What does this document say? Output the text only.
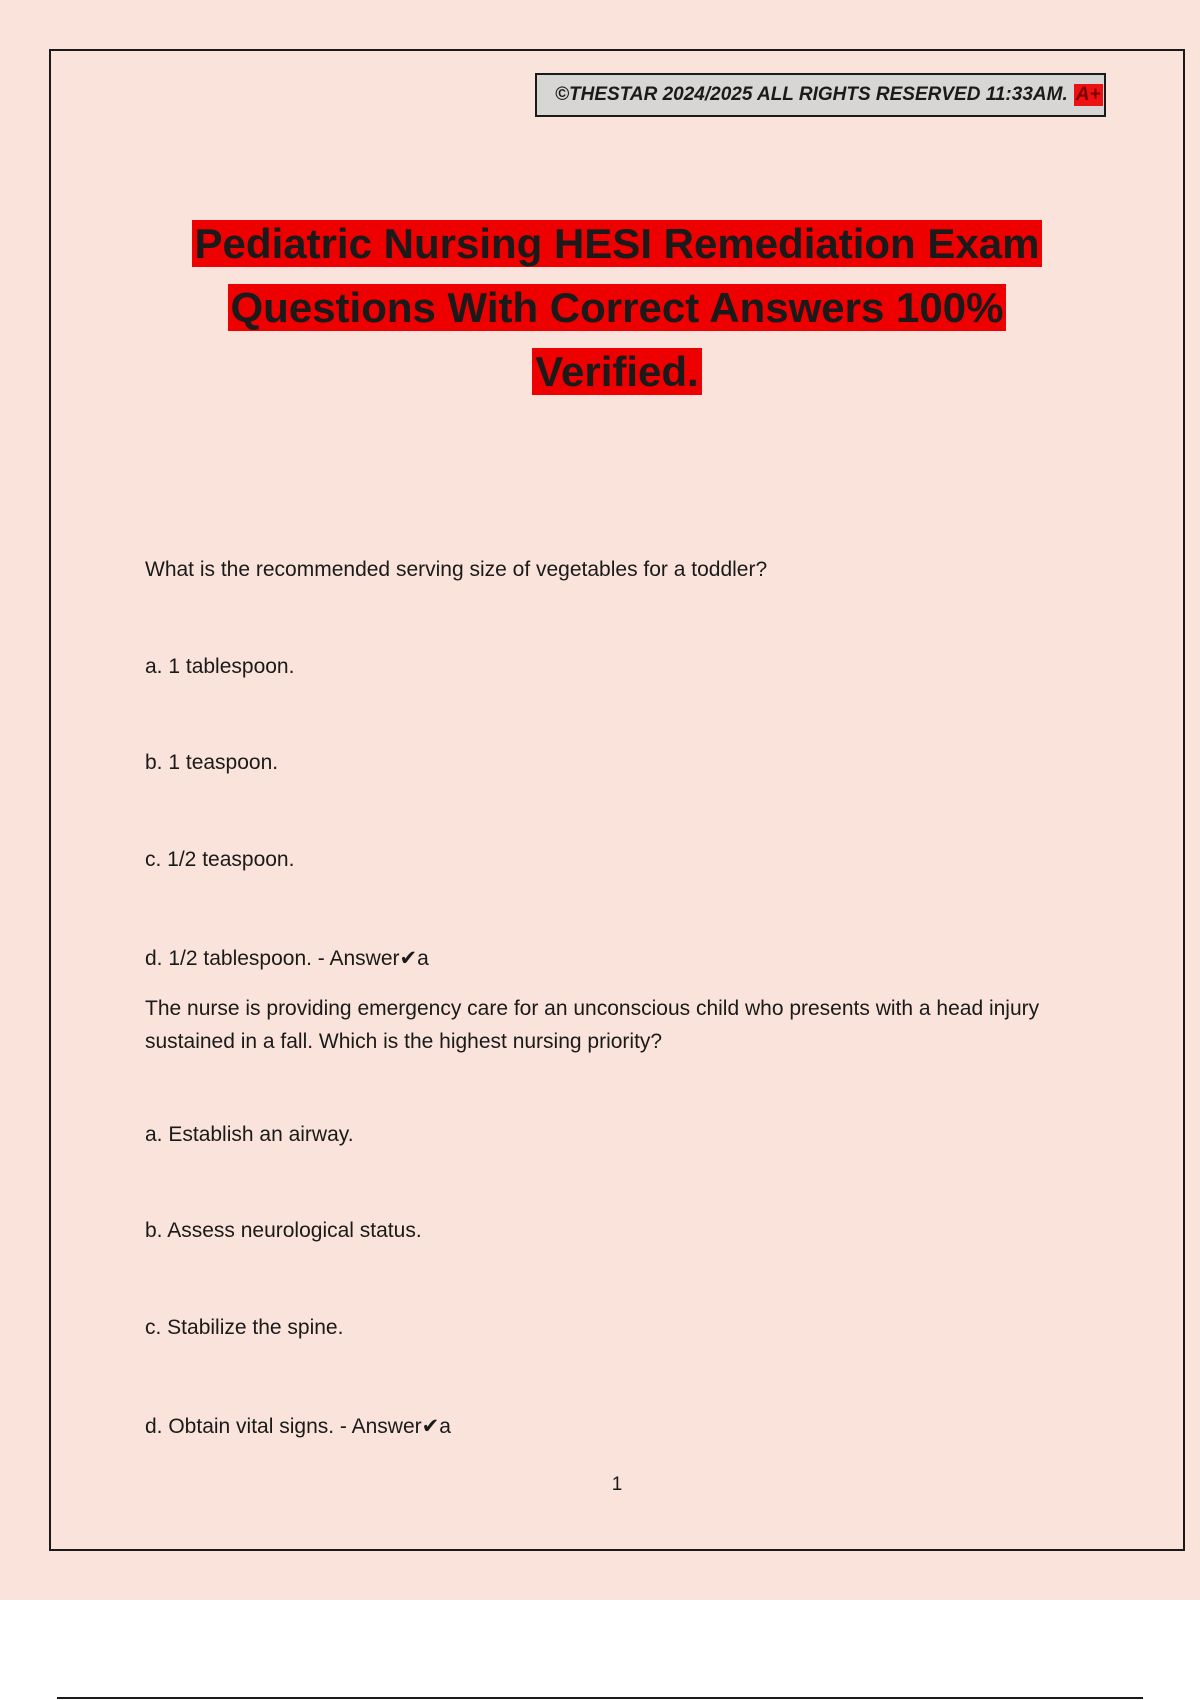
©THESTAR 2024/2025 ALL RIGHTS RESERVED 11:33AM. A+
Pediatric Nursing HESI Remediation Exam
Questions With Correct Answers 100%
Verified.
What is the recommended serving size of vegetables for a toddler?
a. 1 tablespoon.
b. 1 teaspoon.
c. 1/2 teaspoon.
d. 1/2 tablespoon. - Answer✔a
The nurse is providing emergency care for an unconscious child who presents with a head injury sustained in a fall. Which is the highest nursing priority?
a. Establish an airway.
b. Assess neurological status.
c. Stabilize the spine.
d. Obtain vital signs. - Answer✔a
1
